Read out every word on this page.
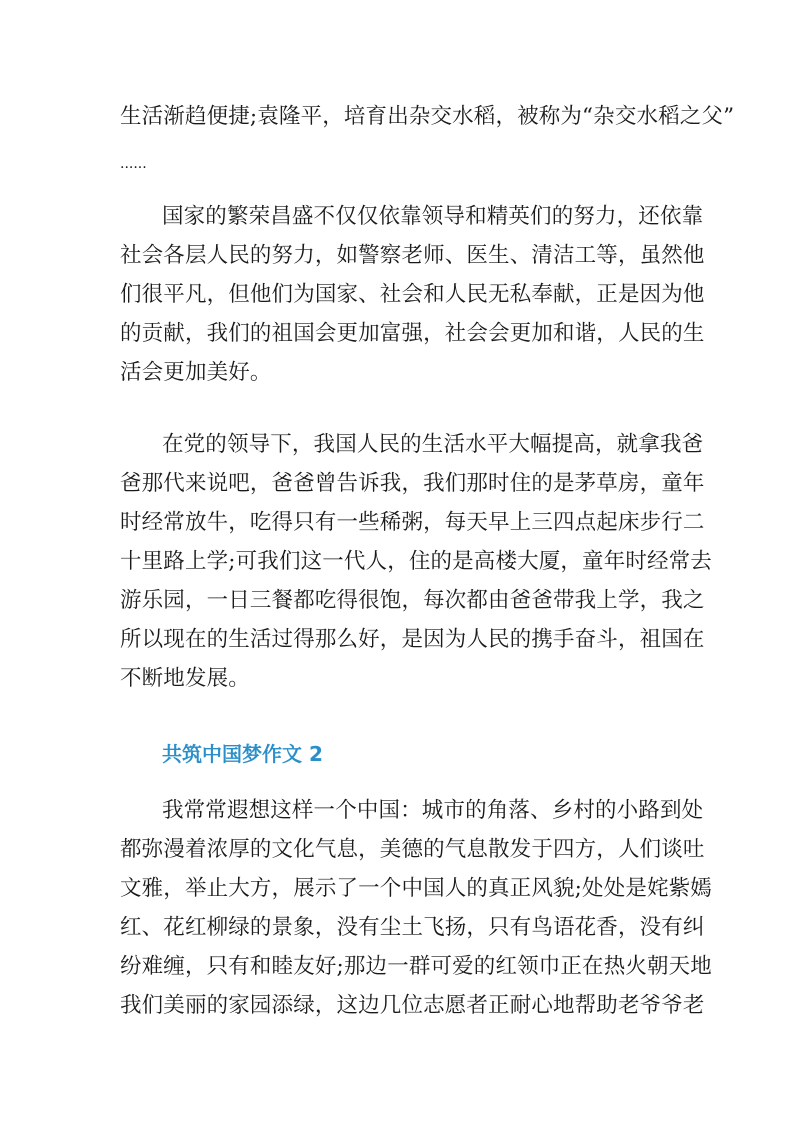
生活渐趋便捷;袁隆平，培育出杂交水稻，被称为“杂交水稻之父”
......
国家的繁荣昌盛不仅仅依靠领导和精英们的努力，还依靠
社会各层人民的努力，如警察老师、医生、清洁工等，虽然他
们很平凡，但他们为国家、社会和人民无私奉献，正是因为他
的贡献，我们的祖国会更加富强，社会会更加和谐，人民的生
活会更加美好。
在党的领导下，我国人民的生活水平大幅提高，就拿我爸
爸那代来说吧，爸爸曾告诉我，我们那时住的是茅草房，童年
时经常放牛，吃得只有一些稀粥，每天早上三四点起床步行二
十里路上学;可我们这一代人，住的是高楼大厦，童年时经常去
游乐园，一日三餐都吃得很饱，每次都由爸爸带我上学，我之
所以现在的生活过得那么好，是因为人民的携手奋斗，祖国在
不断地发展。
共筑中国梦作文 2
我常常遐想这样一个中国：城市的角落、乡村的小路到处
都弥漫着浓厚的文化气息，美德的气息散发于四方，人们谈吐
文雅，举止大方，展示了一个中国人的真正风貌;处处是姹紫嫣
红、花红柳绿的景象，没有尘土飞扬，只有鸟语花香，没有纠
纷难缠，只有和睦友好;那边一群可爱的红领巾正在热火朝天地
我们美丽的家园添绿，这边几位志愿者正耐心地帮助老爷爷老
